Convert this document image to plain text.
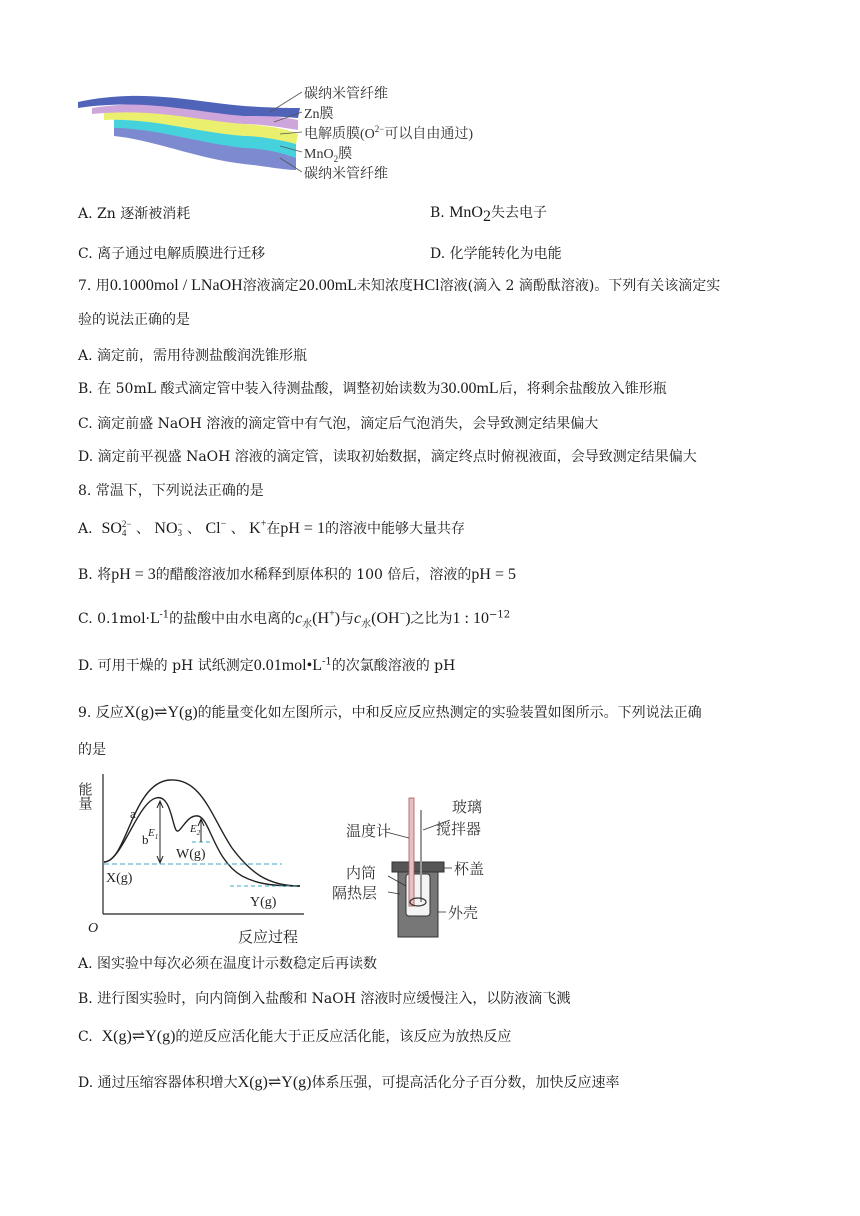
碳纳米管纤维
Zn膜
电解质膜($O^{2-}$可以自由通过)
MnO$_2$膜
碳纳米管纤维
A. Zn 逐渐被消耗	B. MnO$_2$失去电子
C. 离子通过电解质膜进行迁移	D. 化学能转化为电能
7. 用0.1000mol / LNaOH溶液滴定20.00mL未知浓度HCl溶液(滴入 2 滴酚酞溶液)。下列有关该滴定实
验的说法正确的是
A. 滴定前，需用待测盐酸润洗锥形瓶
B. 在 50mL 酸式滴定管中装入待测盐酸，调整初始读数为30.00mL后，将剩余盐酸放入锥形瓶
C. 滴定前盛 NaOH 溶液的滴定管中有气泡，滴定后气泡消失，会导致测定结果偏大
D. 滴定前平视盛 NaOH 溶液的滴定管，读取初始数据，滴定终点时俯视液面，会导致测定结果偏大
8. 常温下，下列说法正确的是
A. SO 2−
4 、 NO −
3 、 Cl− 、 K+在pH = 1的溶液中能够大量共存
B. 将pH = 3的醋酸溶液加水稀释到原体积的 100 倍后，溶液的pH = 5
C. $0.1mol\cdot L^{-1}$的盐酸中由水电离的$c_水(H^+)$与$c_水(OH^-)$之比为1 : $10^{-12}$
D. 可用干燥的 pH 试纸测定$0.01mol•L^{-1}$的次氯酸溶液的 pH
9. 反应X(g)⇌Y(g)的能量变化如左图所示，中和反应反应热测定的实验装置如图所示。下列说法正确
的是
能量
O
反应过程
a
b $E_1$
$E_2$
W(g)
X(g)
Y(g)
温度计
玻璃
搅拌器
内筒
隔热层
杯盖
外壳
A. 图实验中每次必须在温度计示数稳定后再读数
B. 进行图实验时，向内筒倒入盐酸和 NaOH 溶液时应缓慢注入，以防液滴飞溅
C. X(g)⇌Y(g)的逆反应活化能大于正反应活化能，该反应为放热反应
D. 通过压缩容器体积增大X(g)⇌Y(g)体系压强，可提高活化分子百分数，加快反应速率
